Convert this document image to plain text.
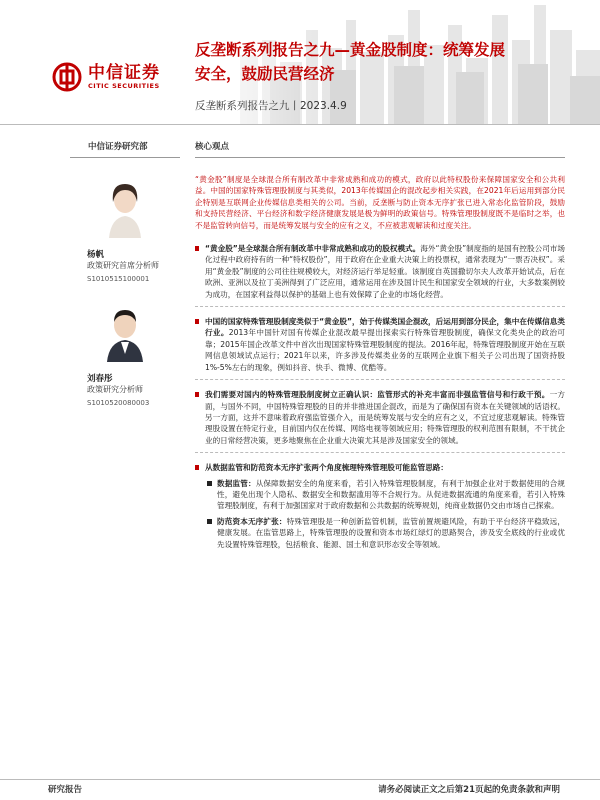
中信证券
CITIC SECURITIES
反垄断系列报告之九—黄金股制度：统筹发展
安全，鼓励民营经济
反垄断系列报告之九丨2023.4.9
中信证券研究部
杨帆
政策研究首席分析师
S1010515100001
刘春彤
政策研究分析师
S1010520080003
核心观点

“黄金股”制度是全球混合所有制改革中非常成熟和成功的模式，政府以此特权股份来保障国家安全和公共利益。中国的国家特殊管理股制度与其类似，2013年传媒国企的混改起步相关实践，在2021年后运用到部分民企特别是互联网企业传媒信息类相关的公司。当前，反垄断与防止资本无序扩张已进入常态化监管阶段，鼓励和支持民营经济、平台经济和数字经济健康发展是极为鲜明的政策信号。特殊管理股制度既不是临时之举，也不是监管转向信号，而是统筹发展与安全的应有之义，不应被悲观解读和过度关注。

“黄金股”是全球混合所有制改革中非常成熟和成功的股权模式。海外“黄金股”制度指的是国有控股公司市场化过程中政府持有的一种“特权股份”，用于政府在企业重大决策上的投票权，通常表现为“一票否决权”。采用“黄金股”制度的公司往往规模较大，对经济运行举足轻重。该制度自英国撒切尔夫人改革开始试点，后在欧洲、亚洲以及拉丁美洲得到了广泛应用，通常运用在涉及国计民生和国家安全领域的行业，大多数案例较为成功，在国家利益得以保护的基础上也有效保障了企业的市场化经营。
中国的国家特殊管理股制度类似于“黄金股”，始于传媒类国企混改，后运用到部分民企，集中在传媒信息类行业。2013年中国针对国有传媒企业混改最早提出探索实行特殊管理股制度，确保文化类央企的政治可靠；2015年国企改革文件中首次出现国家特殊管理股制度的提法。2016年起，特殊管理股制度开始在互联网信息领域试点运行；2021年以来，许多涉及传媒类业务的互联网企业旗下相关子公司出现了国资持股1%-5%左右的现象，例如抖音、快手、微博、优酷等。
我们需要对国内的特殊管理股制度树立正确认识：监管形式的补充丰富而非强监管信号和行政干预。一方面，与国外不同，中国特殊管理股的目的并非推进国企混改，而是为了确保国有资本在关键领域的话语权。另一方面，这并不意味着政府强监管强介入，而是统筹发展与安全的应有之义，不宜过度悲观解读。特殊管理股设置在特定行业，目前国内仅在传媒、网络电视等领域应用；特殊管理股的权利范围有限制，不干扰企业的日常经营决策，更多地聚焦在企业重大决策尤其是涉及国家安全的领域。
从数据监管和防范资本无序扩张两个角度梳理特殊管理股可能监管思路：
数据监管：从保障数据安全的角度来看，若引入特殊管理股制度，有利于加强企业对于数据使用的合规性，避免出现个人隐私、数据安全和数据滥用等不合规行为。从促进数据流通的角度来看，若引入特殊管理股制度，有利于加强国家对于政府数据和公共数据的统筹规划，纯商业数据仍交由市场自己探索。
防范资本无序扩张：特殊管理股是一种创新监管机制，监管前置规避风险，有助于平台经济平稳致远，健康发展。在监管思路上，特殊管理股的设置和资本市场红绿灯的思路契合，涉及安全底线的行业或优先设置特殊管理股，包括粮食、能源、国土和意识形态安全等领域。
研究报告	请务必阅读正文之后第21页起的免责条款和声明
